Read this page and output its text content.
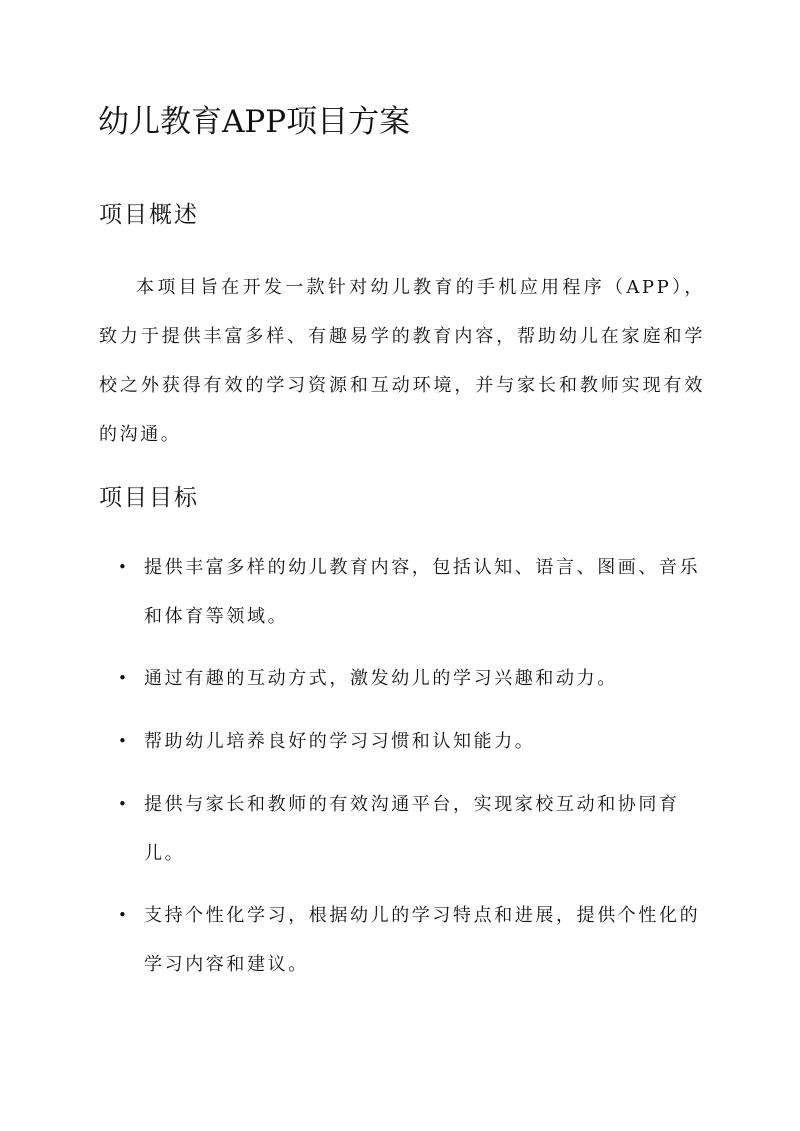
幼儿教育APP项目方案
项目概述

本项目旨在开发一款针对幼儿教育的手机应用程序（APP），致力于提供丰富多样、有趣易学的教育内容，帮助幼儿在家庭和学校之外获得有效的学习资源和互动环境，并与家长和教师实现有效的沟通。

项目目标
• 提供丰富多样的幼儿教育内容，包括认知、语言、图画、音乐和体育等领域。
• 通过有趣的互动方式，激发幼儿的学习兴趣和动力。
• 帮助幼儿培养良好的学习习惯和认知能力。
• 提供与家长和教师的有效沟通平台，实现家校互动和协同育儿。
• 支持个性化学习，根据幼儿的学习特点和进展，提供个性化的学习内容和建议。
